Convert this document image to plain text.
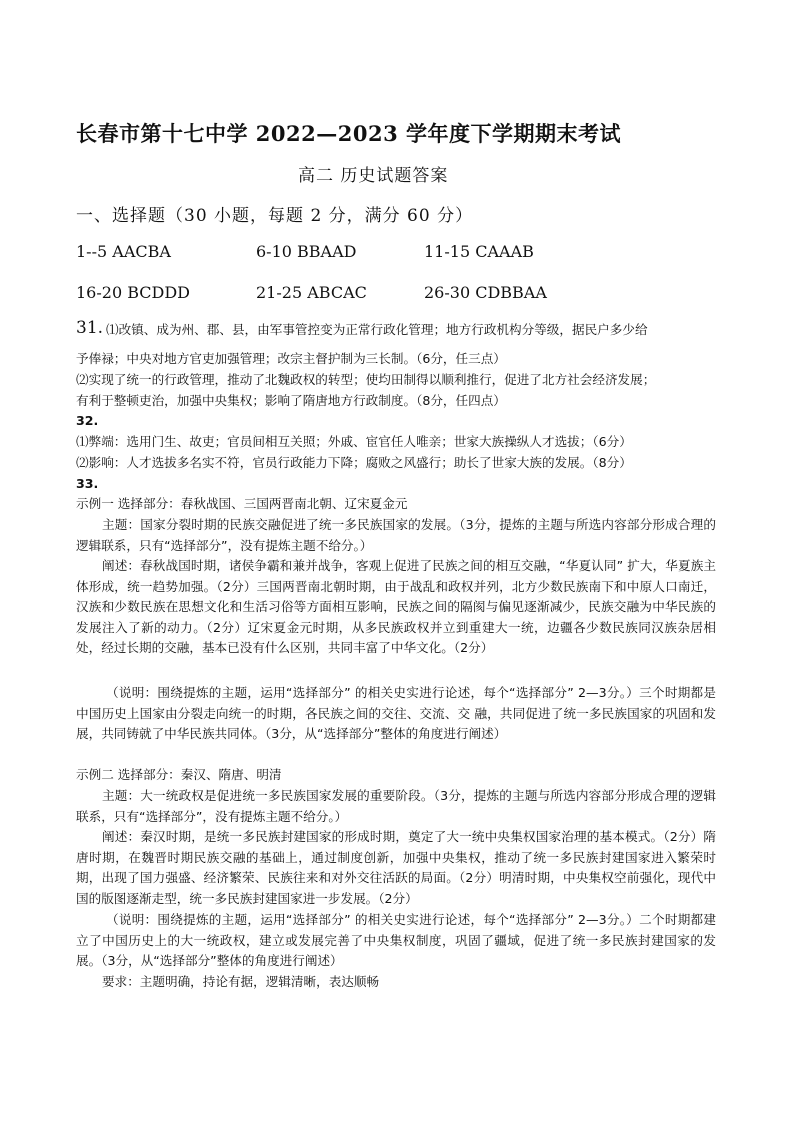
长春市第十七中学 2022—2023 学年度下学期期末考试
高二 历史试题答案
一、选择题（30 小题，每题 2 分，满分 60 分）
1--5 AACBA	6-10 BBAAD	11-15 CAAAB
16-20 BCDDD	21-25 ABCAC	26-30 CDBBAA
31. ⑴改镇、成为州、郡、县，由军事管控变为正常行政化管理；地方行政机构分等级，据民户多少给
予俸禄；中央对地方官吏加强管理；改宗主督护制为三长制。（6分，任三点）
⑵实现了统一的行政管理，推动了北魏政权的转型；使均田制得以顺利推行，促进了北方社会经济发展；
有利于整顿吏治，加强中央集权；影响了隋唐地方行政制度。（8分，任四点）
32.
⑴弊端：选用门生、故吏；官员间相互关照；外戚、宦官任人唯亲；世家大族操纵人才选拔；（6分）
⑵影响：人才选拔多名实不符，官员行政能力下降；腐败之风盛行；助长了世家大族的发展。（8分）
33.
示例一 选择部分：春秋战国、三国两晋南北朝、辽宋夏金元
主题：国家分裂时期的民族交融促进了统一多民族国家的发展。（3分，提炼的主题与所选内容部分形成合理的逻辑联系，只有“选择部分”，没有提炼主题不给分。）
阐述：春秋战国时期，诸侯争霸和兼并战争，客观上促进了民族之间的相互交融，“华夏认同” 扩大，华夏族主体形成，统一趋势加强。（2分）三国两晋南北朝时期，由于战乱和政权并列，北方少数民族南下和中原人口南迁，汉族和少数民族在思想文化和生活习俗等方面相互影响，民族之间的隔阂与偏见逐渐减少，民族交融为中华民族的发展注入了新的动力。（2分）辽宋夏金元时期，从多民族政权并立到重建大一统，边疆各少数民族同汉族杂居相处，经过长期的交融，基本已没有什么区别，共同丰富了中华文化。（2分）
（说明：围绕提炼的主题，运用“选择部分” 的相关史实进行论述，每个“选择部分” 2—3分。）三个时期都是中国历史上国家由分裂走向统一的时期，各民族之间的交往、交流、交 融，共同促进了统一多民族国家的巩固和发展，共同铸就了中华民族共同体。（3分，从“选择部分”整体的角度进行阐述）
示例二 选择部分：秦汉、隋唐、明清
主题：大一统政权是促进统一多民族国家发展的重要阶段。（3分，提炼的主题与所选内容部分形成合理的逻辑联系，只有“选择部分”，没有提炼主题不给分。）
阐述：秦汉时期，是统一多民族封建国家的形成时期，奠定了大一统中央集权国家治理的基本模式。（2分）隋唐时期，在魏晋时期民族交融的基础上，通过制度创新，加强中央集权，推动了统一多民族封建国家进入繁荣时期，出现了国力强盛、经济繁荣、民族往来和对外交往活跃的局面。（2分）明清时期，中央集权空前强化，现代中国的版图逐渐走型，统一多民族封建国家进一步发展。（2分）
（说明：围绕提炼的主题，运用“选择部分” 的相关史实进行论述，每个“选择部分” 2—3分。）二个时期都建立了中国历史上的大一统政权，建立或发展完善了中央集权制度，巩固了疆域，促进了统一多民族封建国家的发展。（3分，从“选择部分”整体的角度进行阐述）
要求：主题明确，持论有据，逻辑清晰，表达顺畅
